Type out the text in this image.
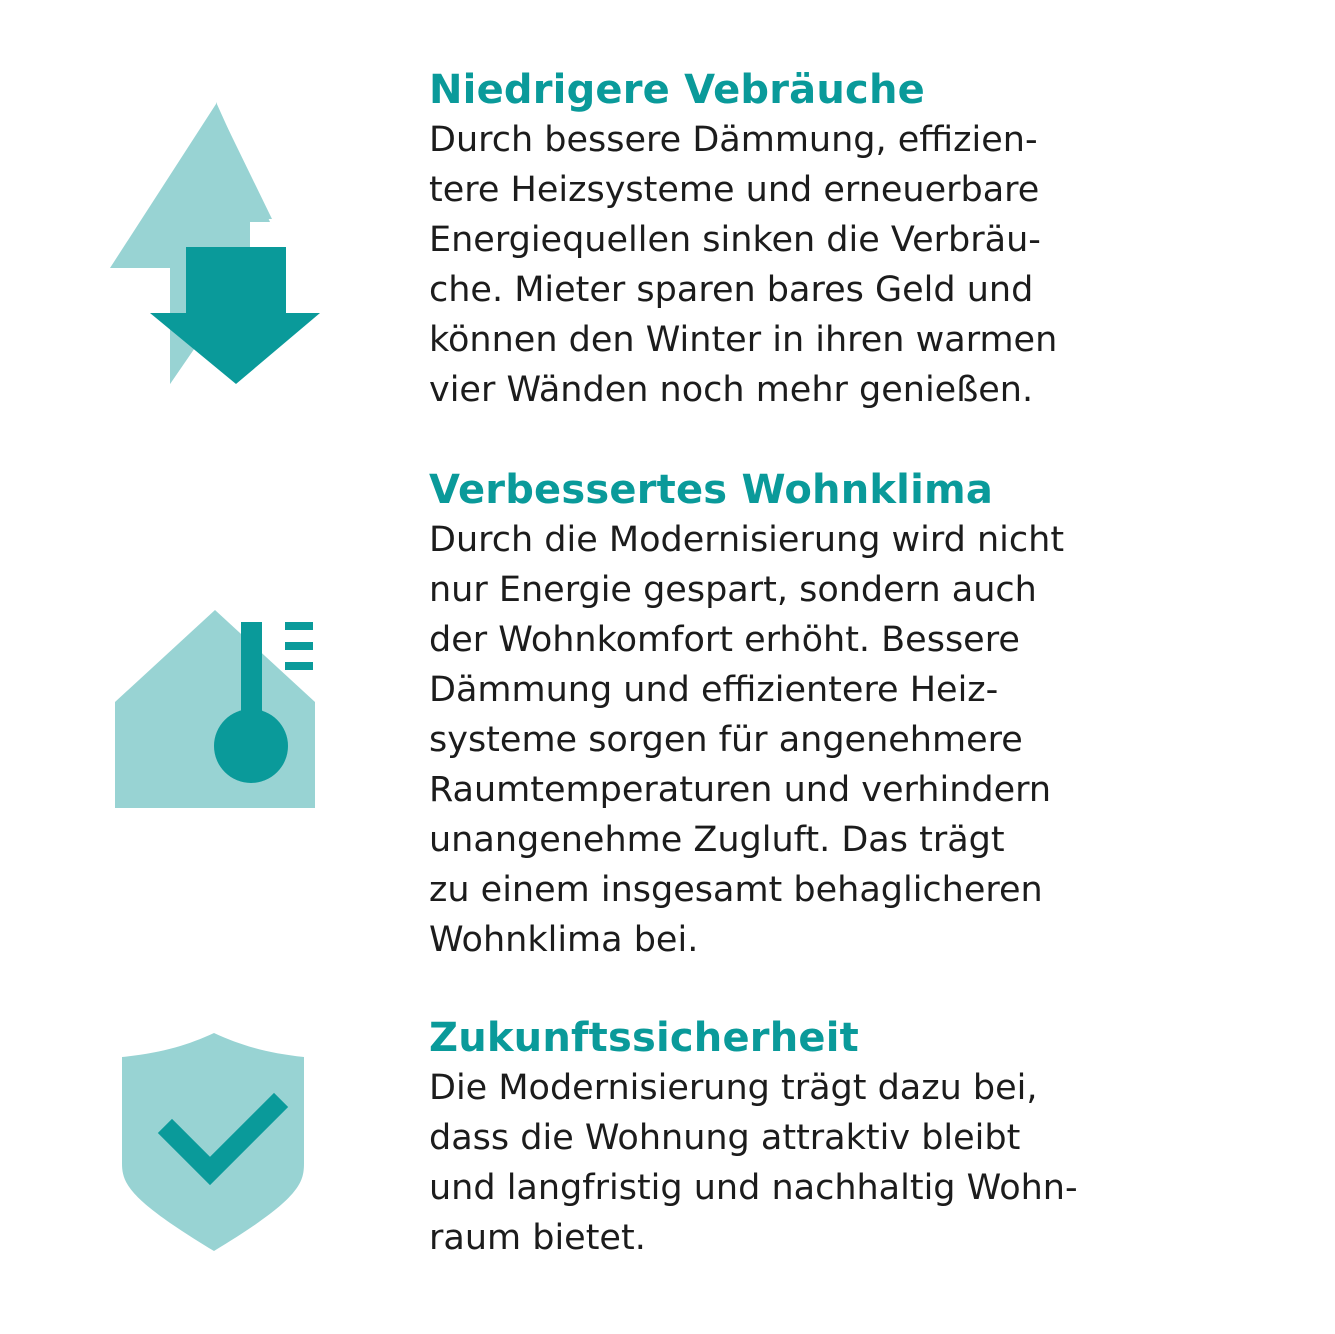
Niedrigere Vebräuche

Durch bessere Dämmung, effizien-

tere Heizsysteme und erneuerbare

Energiequellen sinken die Verbräu-

che. Mieter sparen bares Geld und

können den Winter in ihren warmen

vier Wänden noch mehr genießen.

Verbessertes Wohnklima

Durch die Modernisierung wird nicht

nur Energie gespart, sondern auch

der Wohnkomfort erhöht. Bessere

Dämmung und effizientere Heiz-

systeme sorgen für angenehmere

Raumtemperaturen und verhindern

unangenehme Zugluft. Das trägt

zu einem insgesamt behaglicheren

Wohnklima bei.

Zukunftssicherheit

Die Modernisierung trägt dazu bei,

dass die Wohnung attraktiv bleibt

und langfristig und nachhaltig Wohn-

raum bietet.
